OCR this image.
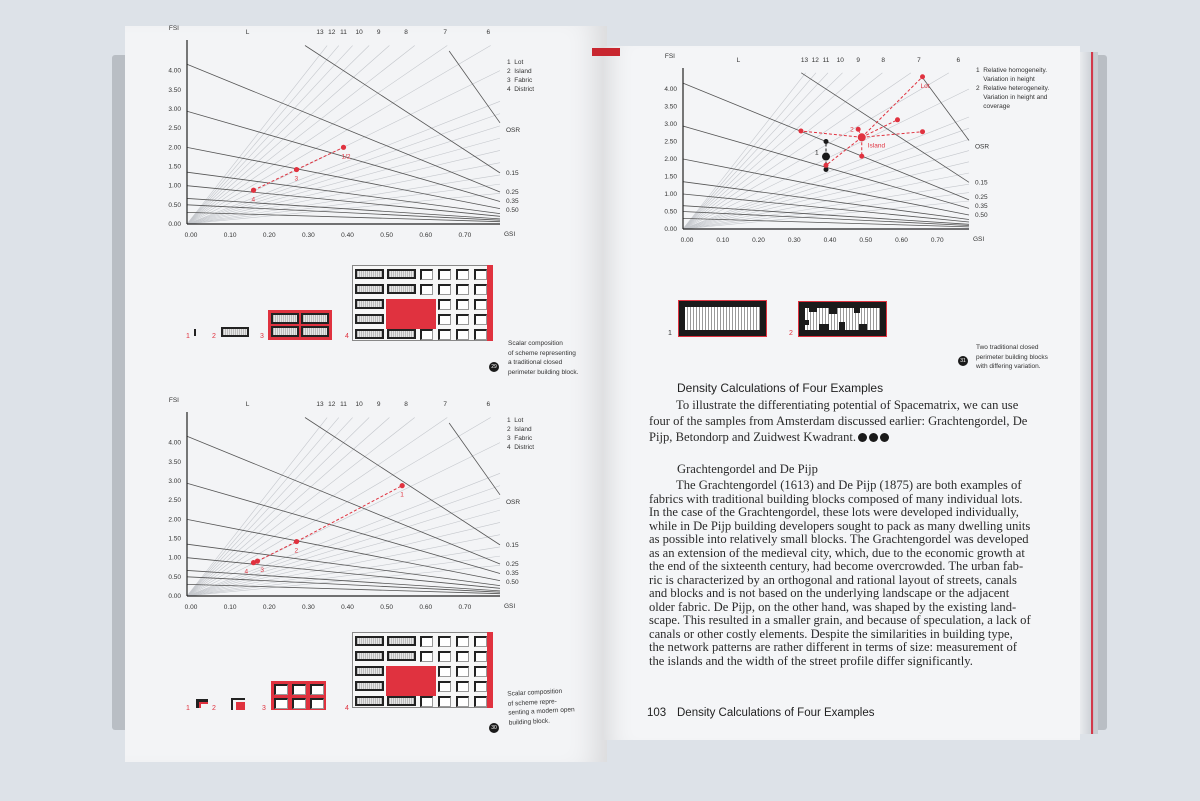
13 12 11 10 9	8	7	6
L
0.15
0.25
0.35
0.50
OSR
0.00	0.10	0.20	0.30	0.40	0.50	0.60	0.70
0.00
0.50
1.00
1.50
2.00
2.50
3.00
3.50
4.00
GSI
FSI
4
3
1/2
13 12 11 10 9	8	7	6
L
0.15
0.25
0.35
0.50
OSR
0.00	0.10	0.20	0.30	0.40	0.50	0.60	0.70
0.00
0.50
1.00
1.50
2.00
2.50
3.00
3.50
4.00
GSI
FSI
4 3
2
1
13 12 11 10 9	8	7	6
L
0.15
0.25
0.35
0.50
OSR
0.00	0.10	0.20	0.30	0.40	0.50	0.60	0.70
0.00
0.50
1.00
1.50
2.00
2.50
3.00
3.50
4.00
GSI
FSI
1
Lot
2
Island
1  Lot
2  Island
3  Fabric
4  District
1  Lot
2  Island
3  Fabric
4  District
1  Relative homogeneity.
Variation in height
2  Relative heterogeneity.
Variation in height and
coverage
1	2	3	4
Scalar composition
of scheme representing
a traditional closed
perimeter building block.
29
1	2	3	4
Scalar composition
of scheme repre-
senting a modern open
building block.
30
1	2
Two traditional closed
perimeter building blocks
with differing variation.
31
Density Calculations of Four Examples
To illustrate the differentiating potential of Spacematrix, we can use
four of the samples from Amsterdam discussed earlier: Grachtengordel, De
Pijp, Betondorp and Zuidwest Kwadrant.
Grachtengordel and De Pijp
The Grachtengordel (1613) and De Pijp (1875) are both examples of
fabrics with traditional building blocks composed of many individual lots.
In the case of the Grachtengordel, these lots were developed individually,
while in De Pijp building developers sought to pack as many dwelling units
as possible into relatively small blocks. The Grachtengordel was developed
as an extension of the medieval city, which, due to the economic growth at
the end of the sixteenth century, had become overcrowded. The urban fab-
ric is characterized by an orthogonal and rational layout of streets, canals
and blocks and is not based on the underlying landscape or the adjacent
older fabric. De Pijp, on the other hand, was shaped by the existing land-
scape. This resulted in a smaller grain, and because of speculation, a lack of
canals or other costly elements. Despite the similarities in building type,
the network patterns are rather different in terms of size: measurement of
the islands and the width of the street profile differ significantly.
103 Density Calculations of Four Examples
